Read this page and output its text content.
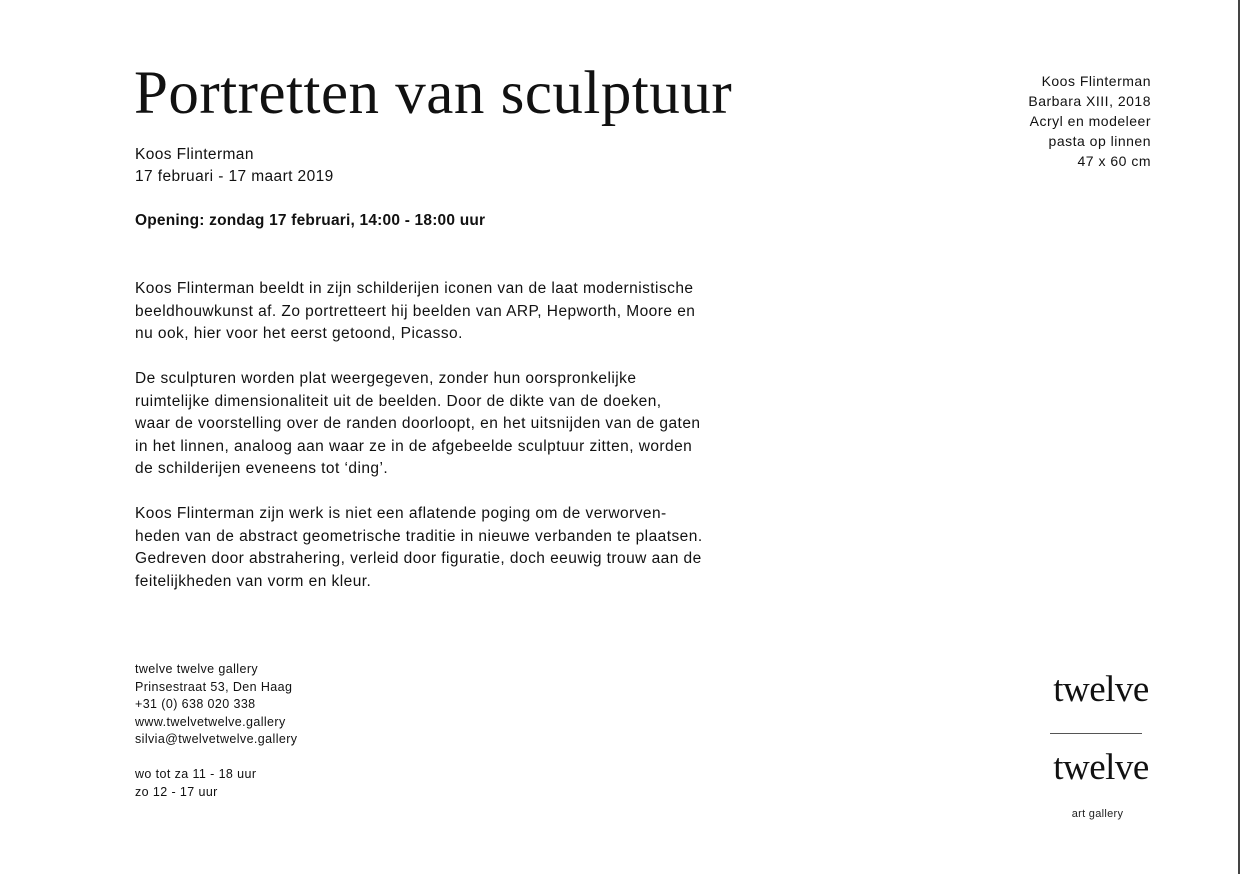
Portretten van sculptuur
Koos Flinterman
17 februari - 17 maart 2019
Opening: zondag 17 februari, 14:00 - 18:00 uur
Koos Flinterman beeldt in zijn schilderijen iconen van de laat modernistische
beeldhouwkunst af. Zo portretteert hij beelden van ARP, Hepworth, Moore en
nu ook, hier voor het eerst getoond, Picasso.
De sculpturen worden plat weergegeven, zonder hun oorspronkelijke
ruimtelijke dimensionaliteit uit de beelden. Door de dikte van de doeken,
waar de voorstelling over de randen doorloopt, en het uitsnijden van de gaten
in het linnen, analoog aan waar ze in de afgebeelde sculptuur zitten, worden
de schilderijen eveneens tot ‘ding’.
Koos Flinterman zijn werk is niet een aflatende poging om de verworven-
heden van de abstract geometrische traditie in nieuwe verbanden te plaatsen.
Gedreven door abstrahering, verleid door figuratie, doch eeuwig trouw aan de
feitelijkheden van vorm en kleur.
Koos Flinterman
Barbara XIII, 2018
Acryl en modeleer
pasta op linnen
47 x 60 cm
twelve twelve gallery
Prinsestraat 53, Den Haag
+31 (0) 638 020 338
www.twelvetwelve.gallery
silvia@twelvetwelve.gallery
wo tot za 11 - 18 uur
zo 12 - 17 uur
twelve
twelve
art gallery
